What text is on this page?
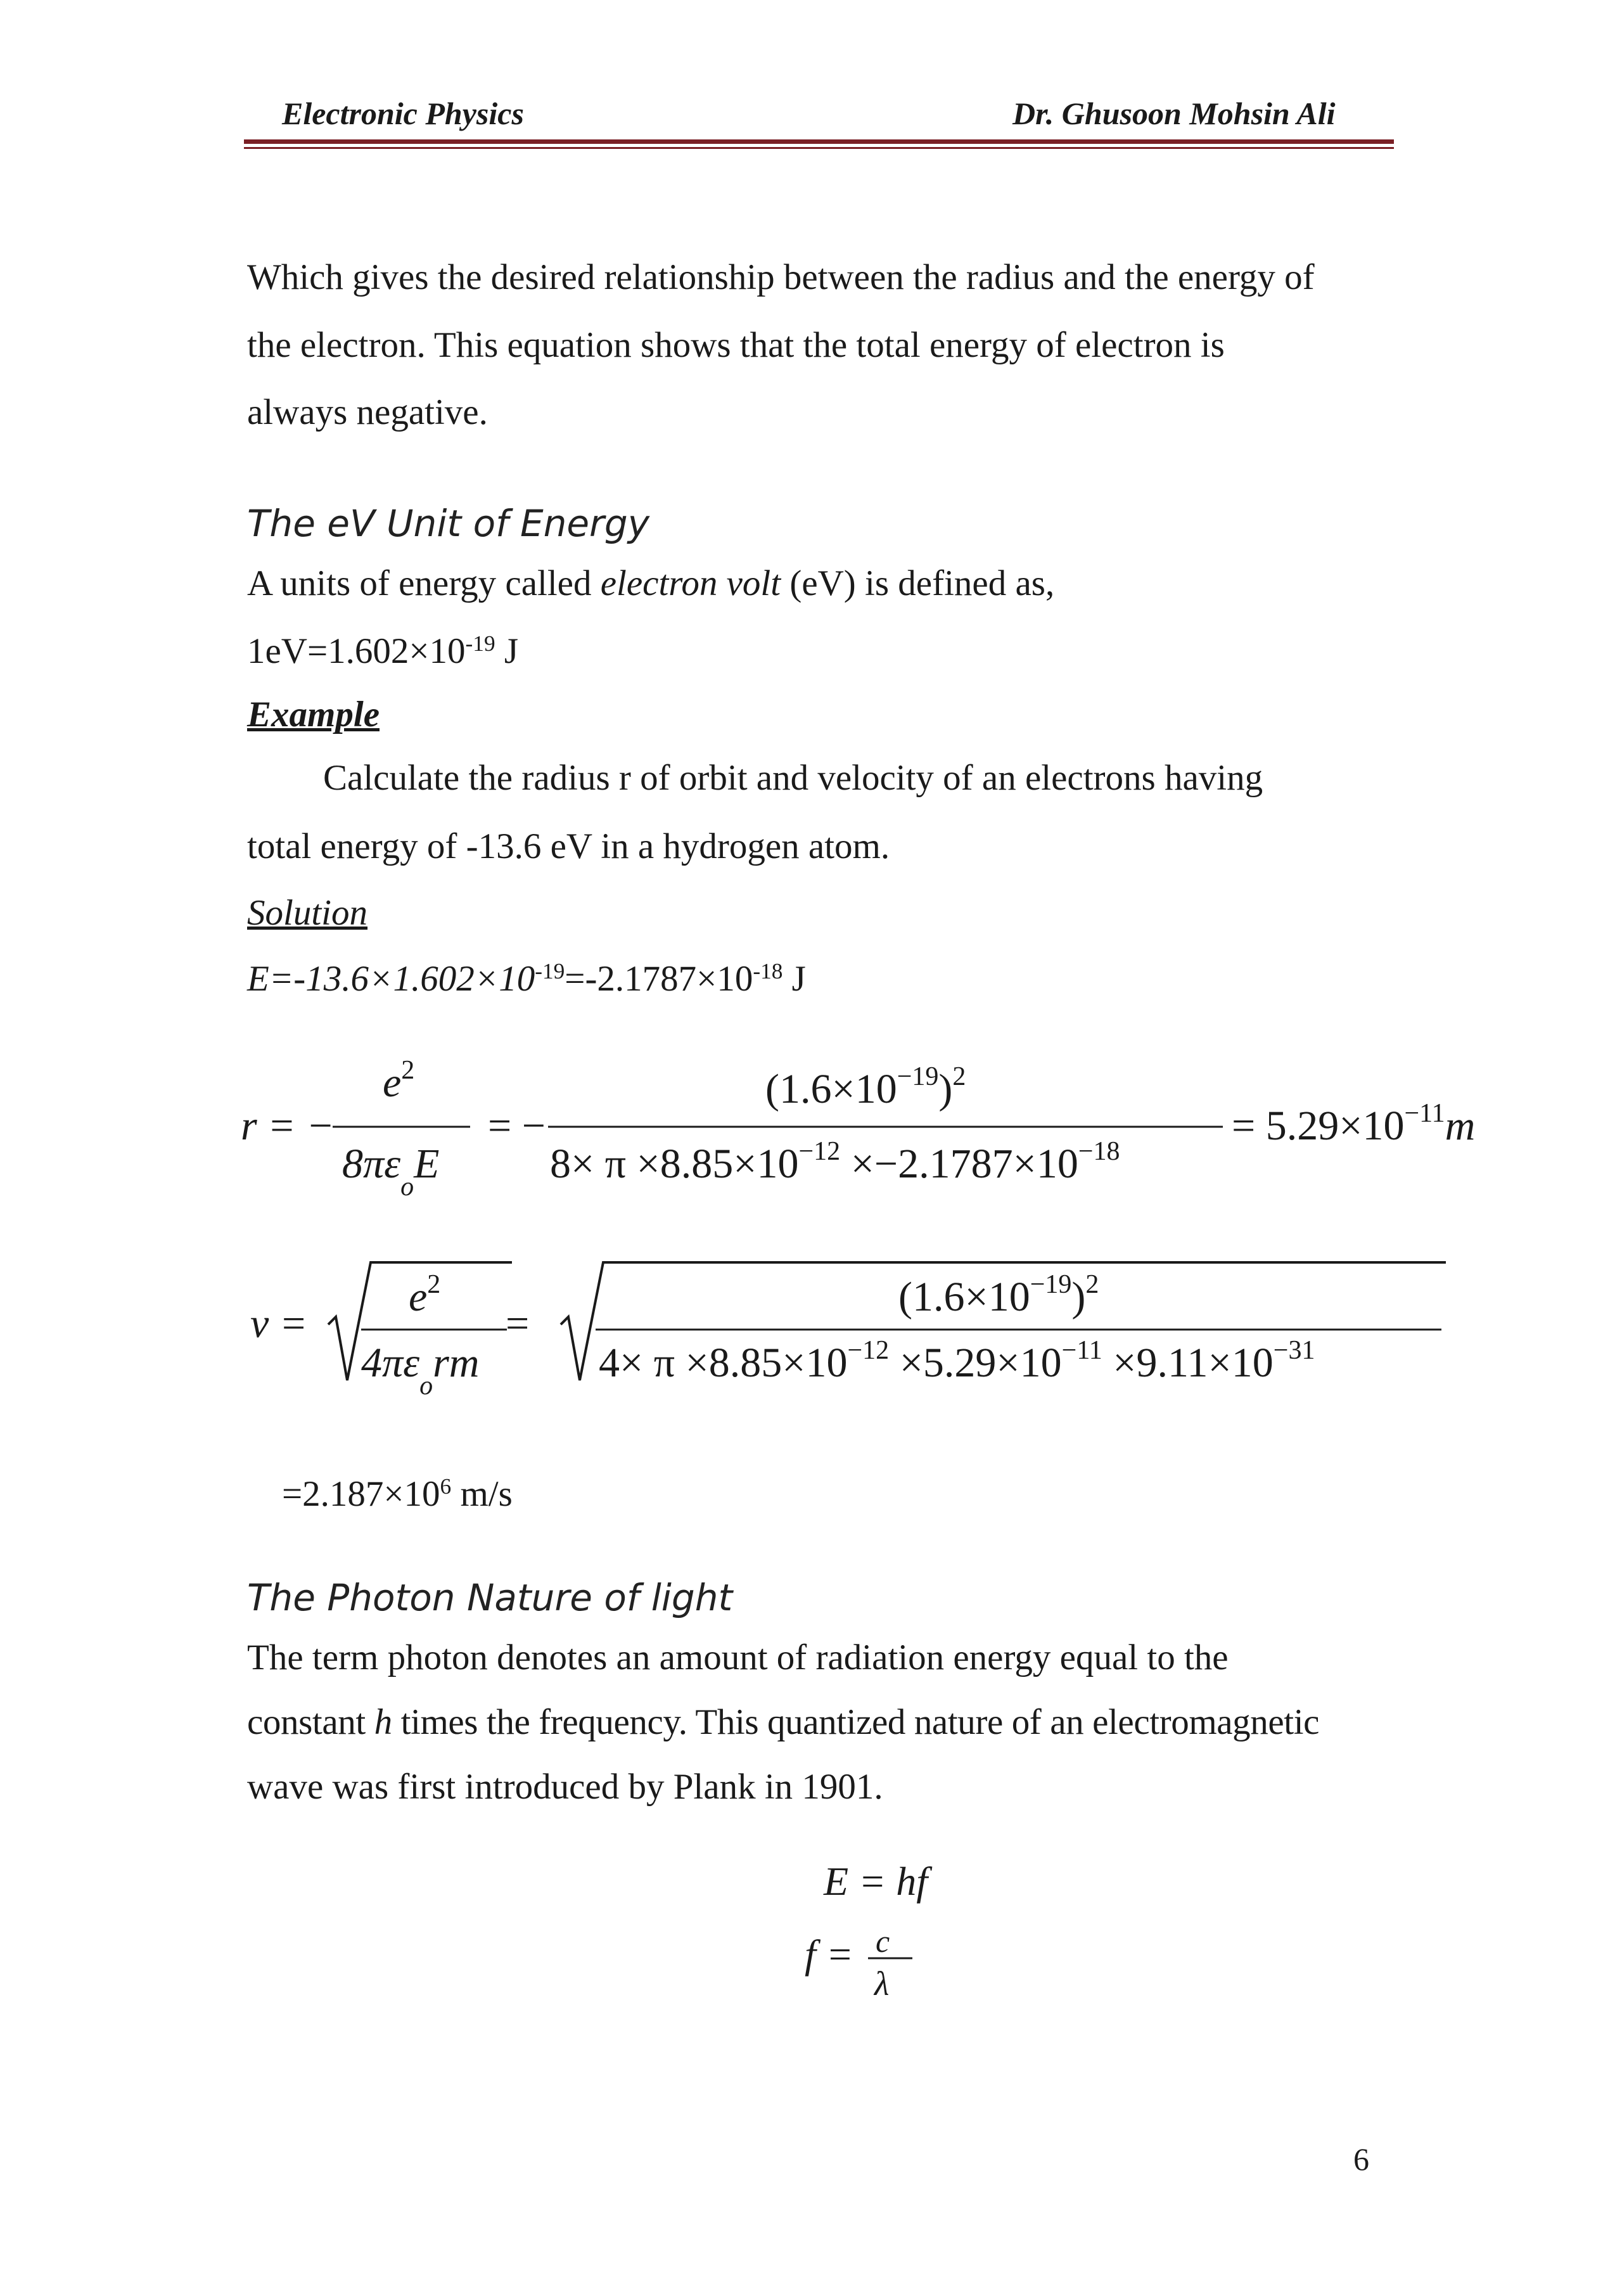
Electronic Physics	Dr. Ghusoon Mohsin Ali
Which gives the desired relationship between the radius and the energy of
the electron. This equation shows that the total energy of electron is
always negative.
The eV Unit of Energy
A units of energy called electron volt (eV) is defined as,
$1eV=1.602\times 10^{-19}$ J
Example
Calculate the radius r of orbit and velocity of an electrons having
total energy of -13.6 eV in a hydrogen atom.
Solution
$E=-13.6\times 1.602\times 10^{-19}=-2.1787\times 10^{-18}$ J
r = −
$e^2$
$8\pi\varepsilon_oE$
= −
$(1.6\times 10^{-19})^2$
$8\times \pi \times 8.85\times 10^{-12} \times-2.1787\times 10^{-18}$
= $5.29\times 10^{-11}m$
v =
$e^2$
$4\pi\varepsilon_orm$
=
$(1.6\times 10^{-19})^2$
$4\times \pi \times 8.85\times 10^{-12} \times 5.29\times 10^{-11} \times 9.11\times 10^{-31}$
$=2.187\times 10^6$ m/s
The Photon Nature of light
The term photon denotes an amount of radiation energy equal to the
constant h times the frequency. This quantized nature of an electromagnetic
wave was first introduced by Plank in 1901.
E = hf
f = c
λ
6
